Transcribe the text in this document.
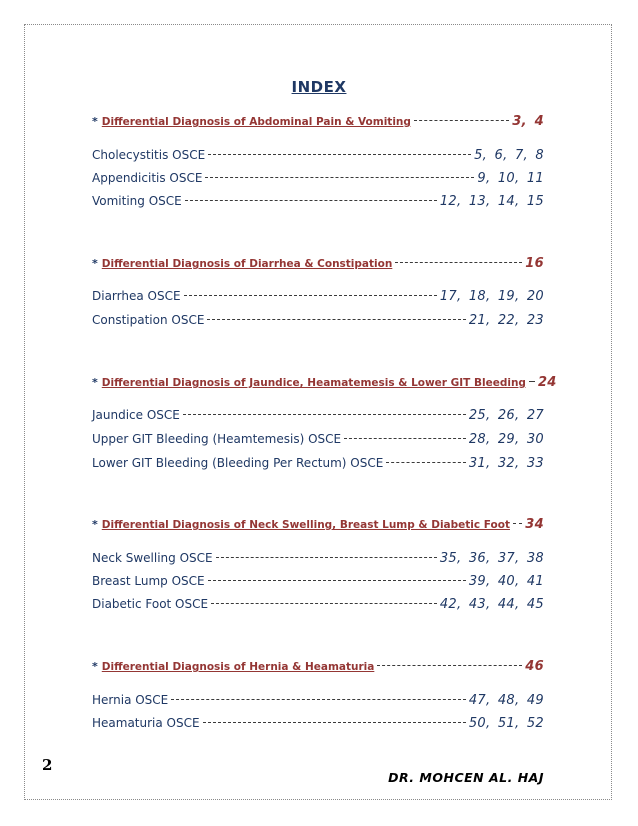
INDEX
* Differential Diagnosis of Abdominal Pain & Vomiting	3, 4
Cholecystitis OSCE	5, 6, 7, 8
Appendicitis OSCE	9, 10, 11
Vomiting OSCE	12, 13, 14, 15
* Differential Diagnosis of Diarrhea & Constipation	16
Diarrhea OSCE	17, 18, 19, 20
Constipation OSCE	21, 22, 23
* Differential Diagnosis of Jaundice, Heamatemesis & Lower GIT Bleeding 24
Jaundice OSCE	25, 26, 27
Upper GIT Bleeding (Heamtemesis) OSCE	28, 29, 30
Lower GIT Bleeding (Bleeding Per Rectum) OSCE	31, 32, 33
* Differential Diagnosis of Neck Swelling, Breast Lump & Diabetic Foot 34
Neck Swelling OSCE	35, 36, 37, 38
Breast Lump OSCE	39, 40, 41
Diabetic Foot OSCE	42, 43, 44, 45
* Differential Diagnosis of Hernia & Heamaturia	46
Hernia OSCE	47, 48, 49
Heamaturia OSCE	50, 51, 52
2
DR. MOHCEN AL. HAJ
